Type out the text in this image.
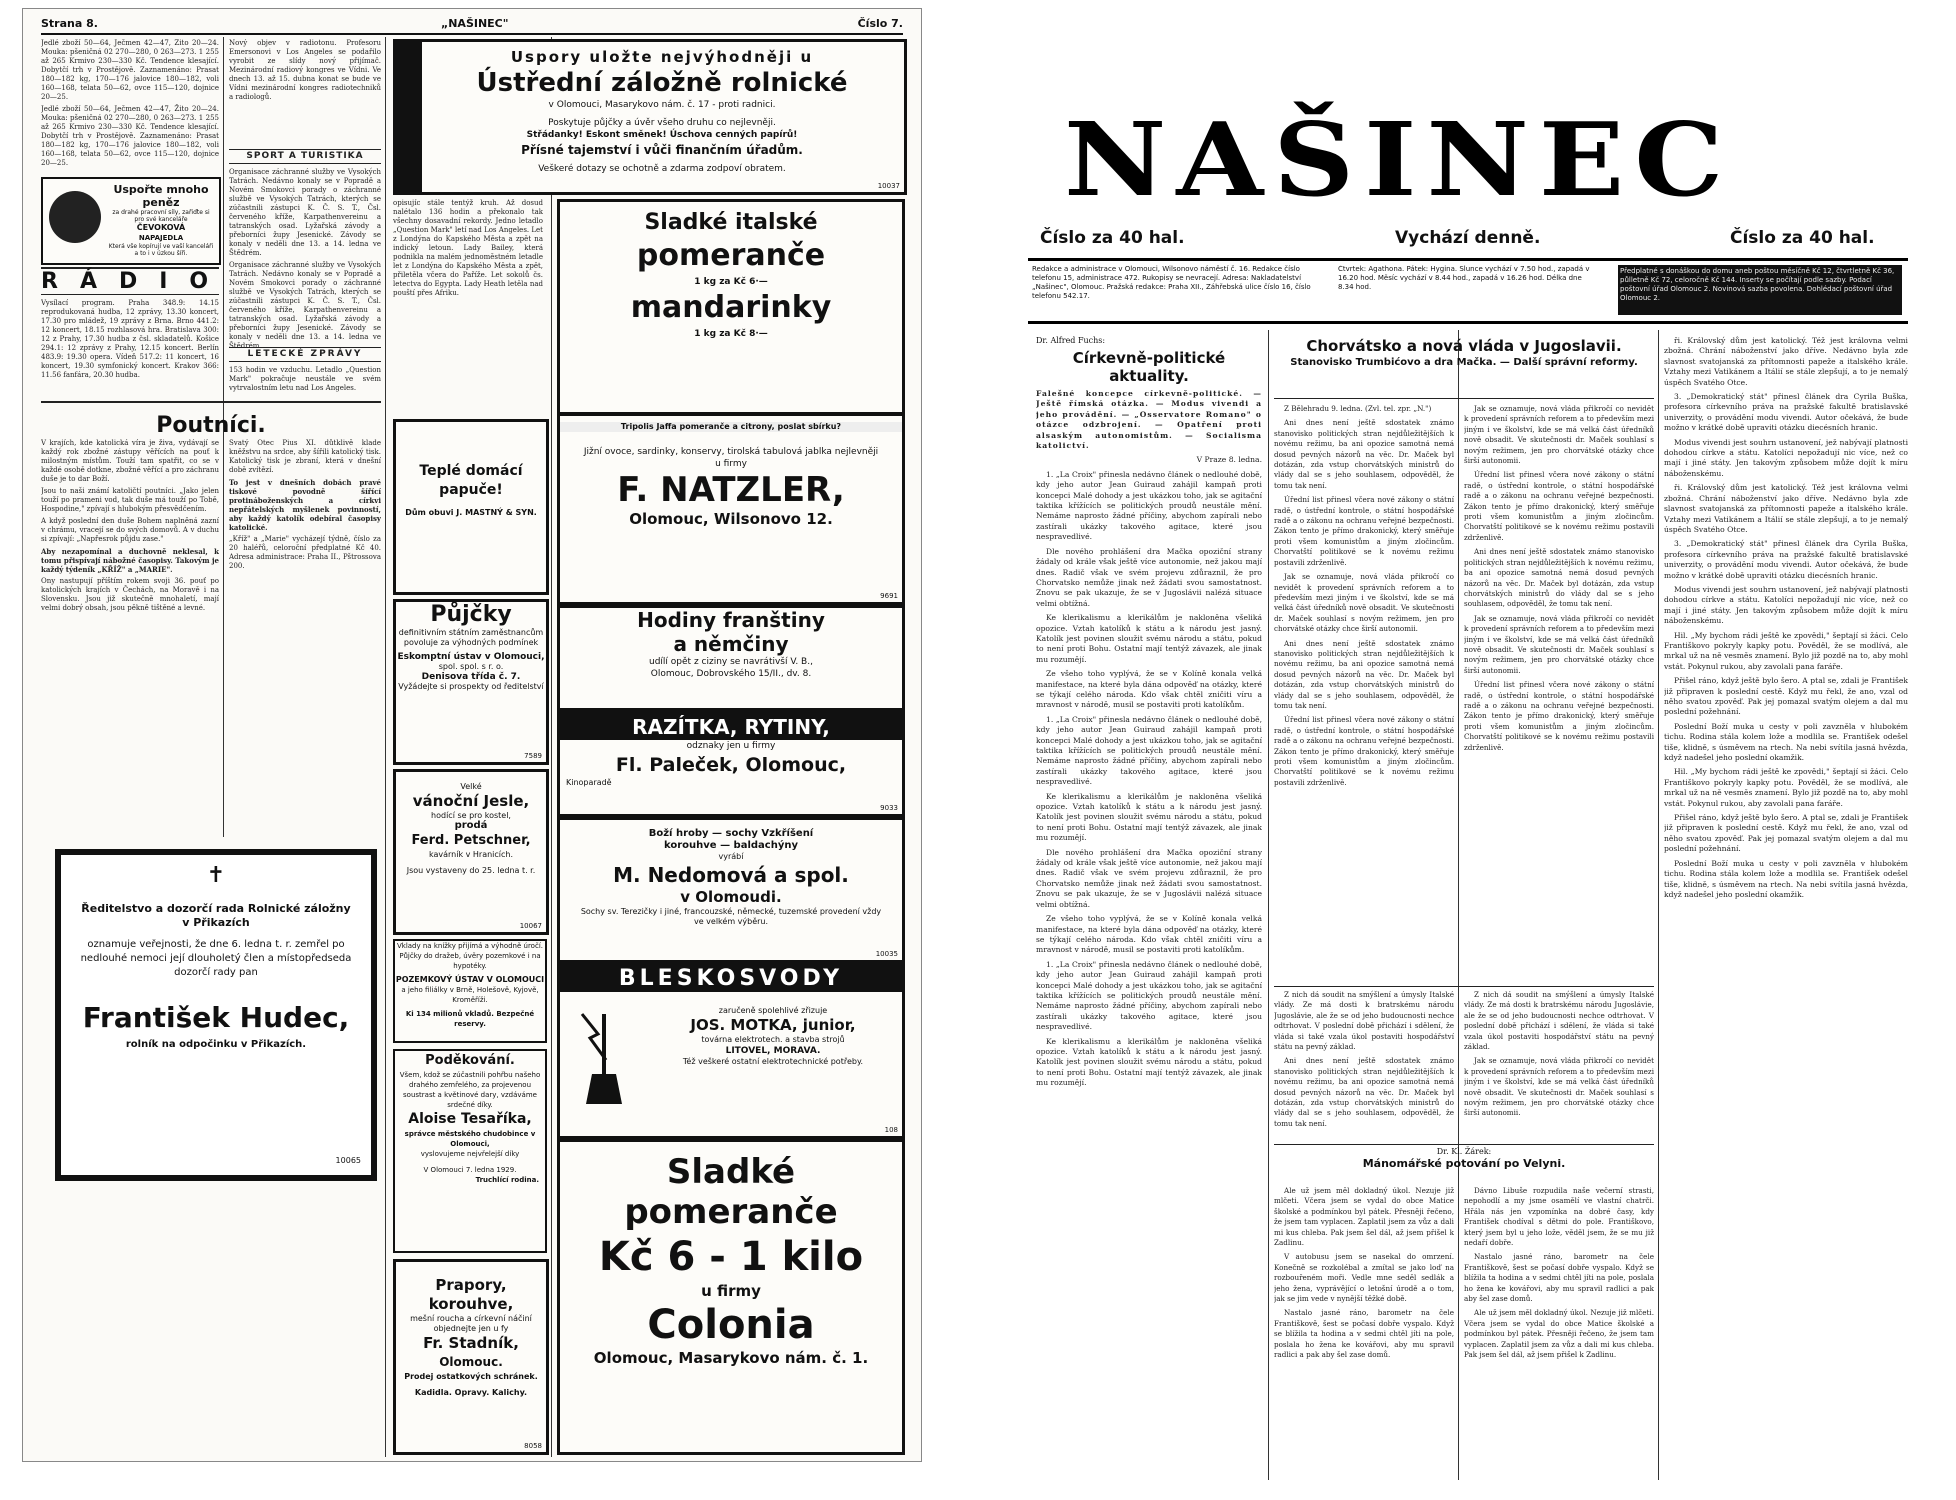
Strana 8.	„NAŠINEC"	Číslo 7.

Jedlé zboží 50—64, Ječmen 42—47, Žito 20—24. Mouka: pšeničná 02 270—280, 0 263—273. 1 255 až 265 Krmivo 230—330 Kč. Tendence klesající. Dobytčí trh v Prostějově. Zaznamenáno: Prasat 180—182 kg, 170—176 jalovice 180—182, voli 160—168, telata 50—62, ovce 115—120, dojnice 20—25.

Jedlé zboží 50—64, Ječmen 42—47, Žito 20—24. Mouka: pšeničná 02 270—280, 0 263—273. 1 255 až 265 Krmivo 230—330 Kč. Tendence klesající. Dobytčí trh v Prostějově. Zaznamenáno: Prasat 180—182 kg, 170—176 jalovice 180—182, voli 160—168, telata 50—62, ovce 115—120, dojnice 20—25.

Uspořte mnoho
peněz
za drahé pracovní síly, zařiďte si pro své kanceláře
ČEVOKOVÁ
NAPAJEDLA
Která vše kopírují ve vaší kanceláři a to i v úzkou šíři.
RÁDIO

Vysílací program. Praha 348.9: 14.15 reprodukovaná hudba, 12 zprávy, 13.30 koncert, 17.30 pro mládež, 19 zprávy z Brna. Brno 441.2: 12 koncert, 18.15 rozhlasová hra. Bratislava 300: 12 z Prahy, 17.30 hudba z čsl. skladatelů. Košice 294.1: 12 zprávy z Prahy, 12.15 koncert. Berlín 483.9: 19.30 opera. Vídeň 517.2: 11 koncert, 16 koncert, 19.30 symfonický koncert. Krakov 366: 11.56 fanfára, 20.30 hudba.

Nový objev v radiotonu. Profesoru Emersonovi v Los Angeles se podařilo vyrobit ze slídy nový přijímač. Mezinárodní radiový kongres ve Vídni. Ve dnech 13. až 15. dubna konat se bude ve Vídni mezinárodní kongres radiotechniků a radiologů.

SPORT A TURISTIKA

Organisace záchranné služby ve Vysokých Tatrách. Nedávno konaly se v Popradě a Novém Smokovci porady o záchranné službě ve Vysokých Tatrách, kterých se zúčastnili zástupci K. Č. S. T., Čsl. červeného kříže, Karpathenvereinu a tatranských osad. Lyžařská závody a přeborníci župy Jesenické. Závody se konaly v neděli dne 13. a 14. ledna ve Štědrém.

Organisace záchranné služby ve Vysokých Tatrách. Nedávno konaly se v Popradě a Novém Smokovci porady o záchranné službě ve Vysokých Tatrách, kterých se zúčastnili zástupci K. Č. S. T., Čsl. červeného kříže, Karpathenvereinu a tatranských osad. Lyžařská závody a přeborníci župy Jesenické. Závody se konaly v neděli dne 13. a 14. ledna ve Štědrém.

LETECKÉ ZPRÁVY

153 hodin ve vzduchu. Letadlo „Question Mark" pokračuje neustále ve svém vytrvalostním letu nad Los Angeles.

Poutníci.

V krajích, kde katolická víra je živa, vydávají se každý rok zbožné zástupy věřících na pouť k milostným místům. Touží tam spatřit, co se v každé osobě dotkne, zbožné věřící a pro záchranu duše je to dar Boží.

Jsou to naši známí katoličtí poutníci. „Jako jelen touží po prameni vod, tak duše má touží po Tobě, Hospodine," zpívají s hlubokým přesvědčením.

A když poslední den duše Bohem naplněná zazní v chrámu, vracejí se do svých domovů. A v duchu si zpívají: „Napřesrok půjdu zase."

Aby nezapomínal a duchovně neklesal, k tomu přispívají nábožné časopisy. Takovým je každý týdeník „KŘÍŽ" a „MARIE".

Ony nastupují příštím rokem svoji 36. pouť po katolických krajích v Čechách, na Moravě i na Slovensku. Jsou již skutečně mnohaletí, mají velmi dobrý obsah, jsou pěkně tištěné a levné.

Svatý Otec Pius XI. důtklivě klade kněžstvu na srdce, aby šířili katolický tisk. Katolický tisk je zbraní, která v dnešní době zvítězí.

To jest v dnešních dobách pravé tiskové povodně šířící protináboženských a církvi nepřátelských myšlenek povinností, aby každý katolík odebíral časopisy katolické.

„Kříž" a „Marie" vycházejí týdně, číslo za 20 haléřů, celoroční předplatné Kč 40. Adresa administrace: Praha II., Pštrossova 200.

✝
Ředitelstvo a dozorčí rada Rolnické záložny
v Přikazích
oznamuje veřejnosti, že dne 6. ledna t. r. zemřel po
nedlouhé nemoci její dlouholetý člen a místopředseda
dozorčí rady pan
František Hudec,
rolník na odpočinku v Přikazích.
10065
Uspory uložte nejvýhodněji u
Ústřední záložně rolnické
v Olomouci, Masarykovo nám. č. 17 - proti radnici.
Poskytuje půjčky a úvěr všeho druhu co nejlevněji.
Střádanky! Eskont směnek! Úschova cenných papírů!
Přísné tajemství i vůči finančním úřadům.
Veškeré dotazy se ochotně a zdarma zodpoví obratem.
10037

opisujíc stále tentýž kruh. Až dosud nalétalo 136 hodin a překonalo tak všechny dosavadní rekordy. Jedno letadlo „Question Mark" letí nad Los Angeles. Let z Londýna do Kapského Města a zpět na indický letoun. Lady Bailey, která podnikla na malém jednoměstném letadle let z Londýna do Kapského Města a zpět, přiletěla včera do Paříže. Let sokolů čs. letectva do Egypta. Lady Heath letěla nad pouští přes Afriku.

Teplé domácí papuče!
Dům obuvi J. MASTNÝ & SYN.
Půjčky
definitivním státním zaměstnancům povoluje za výhodných podmínek
Eskomptní ústav v Olomouci,
spol. spol. s r. o.
Denisova třída č. 7.
Vyžádejte si prospekty od ředitelství
7589
Velké
vánoční Jesle,
hodící se pro kostel,
prodá
Ferd. Petschner,
kavárník v Hranicích.
Jsou vystaveny do 25. ledna t. r.
10067
Vklady na knížky přijímá a výhodně úročí. Půjčky do dražeb, úvěry pozemkové i na hypotéky.
POZEMKOVÝ ÚSTAV V OLOMOUCI
a jeho filiálky v Brně, Holešově, Kyjově, Kroměříži.
Ki 134 milionů vkladů. Bezpečné reservy.
Poděkování.
Všem, kdož se zúčastnili pohřbu našeho drahého zemřelého, za projevenou soustrast a květinové dary, vzdáváme srdečné díky.
Aloise Tesaříka,
správce městského chudobince v Olomouci,
vyslovujeme nejvřelejší díky
V Olomouci 7. ledna 1929.
Truchlící rodina.
Prapory, korouhve,
mešní roucha a církevní náčiní
objednejte jen u fy
Fr. Stadník,
Olomouc.
Prodej ostatkových schránek.
Kadidla. Opravy. Kalichy.
8058
Sladké italské
pomeranče
1 kg za Kč 6·—
mandarinky
1 kg za Kč 8·—
Tripolis Jaffa pomeranče a citrony, poslat sbírku?
Jižní ovoce, sardinky, konservy, tirolská tabulová jablka nejlevněji u firmy
F. NATZLER,
Olomouc, Wilsonovo 12.
9691
Hodiny franštiny
a němčiny
udílí opět z ciziny se navrátivší V. B.,
Olomouc, Dobrovského 15/II., dv. 8.
RAZÍTKA, RYTINY,
odznaky jen u firmy
Fl. Paleček, Olomouc,
Kinoparadě
9033
Boží hroby — sochy Vzkříšení
korouhve — baldachýny
vyrábí
M. Nedomová a spol.
v Olomoudi.
Sochy sv. Terezičky i jiné, francouzské, německé, tuzemské provedení vždy ve velkém výběru.
10035
BLESKOSVODY
zaručeně spolehlivé zřizuje
JOS. MOTKA, junior,
továrna elektrotech. a stavba strojů
LITOVEL, MORAVA.
Též veškeré ostatní elektrotechnické potřeby.
108
Sladké
pomeranče
Kč 6 - 1 kilo
u firmy
Colonia
Olomouc, Masarykovo nám. č. 1.
NAŠINEC
Číslo za 40 hal.	Vychází denně.	Číslo za 40 hal.
Redakce a administrace v Olomouci, Wilsonovo náměstí č. 16. Redakce číslo telefonu 15, administrace 472. Rukopisy se nevracejí. Adresa: Nakladatelství „Našinec", Olomouc. Pražská redakce: Praha XII., Záhřebská ulice číslo 16, číslo telefonu 542.17.
Čtvrtek: Agathona. Pátek: Hygina. Slunce vychází v 7.50 hod., zapadá v 16.20 hod. Měsíc vychází v 8.44 hod., zapadá v 16.26 hod. Délka dne 8.34 hod.
Předplatné s donáškou do domu aneb poštou měsíčně Kč 12, čtvrtletně Kč 36, půlletně Kč 72, celoročně Kč 144. Inserty se počítají podle sazby. Podací poštovní úřad Olomouc 2. Novinová sazba povolena. Dohlédací poštovní úřad Olomouc 2.
Dr. Alfred Fuchs:
Církevně-politické aktuality.
Falešné koncepce církevně-politické. — Ještě římská otázka. — Modus vivendi a jeho provádění. — „Osservatore Romano" o otázce odzbrojení. — Opatření proti alsaským autonomistům. — Socialisma katolictví.
V Praze 8. ledna.

1. „La Croix" přinesla nedávno článek o nedlouhé době, kdy jeho autor Jean Guiraud zahájil kampaň proti koncepci Malé dohody a jest ukázkou toho, jak se agitační taktika křížících se politických proudů neustále mění. Nemáme naprosto žádné příčiny, abychom zapírali nebo zastírali ukázky takového agitace, které jsou nespravedlivé.

Dle nového prohlášení dra Mačka opoziční strany žádaly od krále však ještě více autonomie, než jakou mají dnes. Radič však ve svém projevu zdůraznil, že pro Chorvatsko nemůže jinak než žádati svou samostatnost. Znovu se pak ukazuje, že se v Jugoslávii nalézá situace velmi obtížná.

Ke klerikalismu a klerikálům je nakloněna všeliká opozice. Vztah katolíků k státu a k národu jest jasný. Katolík jest povinen sloužit svému národu a státu, pokud to není proti Bohu. Ostatní mají tentýž závazek, ale jinak mu rozumějí.

Ze všeho toho vyplývá, že se v Kolíně konala velká manifestace, na které byla dána odpověď na otázky, které se týkají celého národa. Kdo však chtěl zničiti víru a mravnost v národě, musil se postaviti proti katolíkům.

1. „La Croix" přinesla nedávno článek o nedlouhé době, kdy jeho autor Jean Guiraud zahájil kampaň proti koncepci Malé dohody a jest ukázkou toho, jak se agitační taktika křížících se politických proudů neustále mění. Nemáme naprosto žádné příčiny, abychom zapírali nebo zastírali ukázky takového agitace, které jsou nespravedlivé.

Ke klerikalismu a klerikálům je nakloněna všeliká opozice. Vztah katolíků k státu a k národu jest jasný. Katolík jest povinen sloužit svému národu a státu, pokud to není proti Bohu. Ostatní mají tentýž závazek, ale jinak mu rozumějí.

Dle nového prohlášení dra Mačka opoziční strany žádaly od krále však ještě více autonomie, než jakou mají dnes. Radič však ve svém projevu zdůraznil, že pro Chorvatsko nemůže jinak než žádati svou samostatnost. Znovu se pak ukazuje, že se v Jugoslávii nalézá situace velmi obtížná.

Ze všeho toho vyplývá, že se v Kolíně konala velká manifestace, na které byla dána odpověď na otázky, které se týkají celého národa. Kdo však chtěl zničiti víru a mravnost v národě, musil se postaviti proti katolíkům.

1. „La Croix" přinesla nedávno článek o nedlouhé době, kdy jeho autor Jean Guiraud zahájil kampaň proti koncepci Malé dohody a jest ukázkou toho, jak se agitační taktika křížících se politických proudů neustále mění. Nemáme naprosto žádné příčiny, abychom zapírali nebo zastírali ukázky takového agitace, které jsou nespravedlivé.

Ke klerikalismu a klerikálům je nakloněna všeliká opozice. Vztah katolíků k státu a k národu jest jasný. Katolík jest povinen sloužit svému národu a státu, pokud to není proti Bohu. Ostatní mají tentýž závazek, ale jinak mu rozumějí.

Chorvátsko a nová vláda v Jugoslavii.
Stanovisko Trumbićovo a dra Mačka. — Další správní reformy.

Z Bělehradu 9. ledna. (Zvl. tel. zpr. „N.")

Ani dnes není ještě sdostatek známo stanovisko politických stran nejdůležitějších k novému režimu, ba ani opozice samotná nemá dosud pevných názorů na věc. Dr. Maček byl dotázán, zda vstup chorvátských ministrů do vlády dal se s jeho souhlasem, odpověděl, že tomu tak není.

Úřední list přinesl včera nové zákony o státní radě, o ústřední kontrole, o státní hospodářské radě a o zákonu na ochranu veřejné bezpečnosti. Zákon tento je přímo drakonický, který směřuje proti všem komunistům a jiným zločincům. Chorvatští politikové se k novému režimu postavili zdrženlivě.

Jak se oznamuje, nová vláda přikročí co nevidět k provedení správních reforem a to především mezi jiným i ve školství, kde se má velká část úředníků nově obsadit. Ve skutečnosti dr. Maček souhlasí s novým režimem, jen pro chorvátské otázky chce širší autonomii.

Ani dnes není ještě sdostatek známo stanovisko politických stran nejdůležitějších k novému režimu, ba ani opozice samotná nemá dosud pevných názorů na věc. Dr. Maček byl dotázán, zda vstup chorvátských ministrů do vlády dal se s jeho souhlasem, odpověděl, že tomu tak není.

Úřední list přinesl včera nové zákony o státní radě, o ústřední kontrole, o státní hospodářské radě a o zákonu na ochranu veřejné bezpečnosti. Zákon tento je přímo drakonický, který směřuje proti všem komunistům a jiným zločincům. Chorvatští politikové se k novému režimu postavili zdrženlivě.

Jak se oznamuje, nová vláda přikročí co nevidět k provedení správních reforem a to především mezi jiným i ve školství, kde se má velká část úředníků nově obsadit. Ve skutečnosti dr. Maček souhlasí s novým režimem, jen pro chorvátské otázky chce širší autonomii.

Úřední list přinesl včera nové zákony o státní radě, o ústřední kontrole, o státní hospodářské radě a o zákonu na ochranu veřejné bezpečnosti. Zákon tento je přímo drakonický, který směřuje proti všem komunistům a jiným zločincům. Chorvatští politikové se k novému režimu postavili zdrženlivě.

Ani dnes není ještě sdostatek známo stanovisko politických stran nejdůležitějších k novému režimu, ba ani opozice samotná nemá dosud pevných názorů na věc. Dr. Maček byl dotázán, zda vstup chorvátských ministrů do vlády dal se s jeho souhlasem, odpověděl, že tomu tak není.

Jak se oznamuje, nová vláda přikročí co nevidět k provedení správních reforem a to především mezi jiným i ve školství, kde se má velká část úředníků nově obsadit. Ve skutečnosti dr. Maček souhlasí s novým režimem, jen pro chorvátské otázky chce širší autonomii.

Úřední list přinesl včera nové zákony o státní radě, o ústřední kontrole, o státní hospodářské radě a o zákonu na ochranu veřejné bezpečnosti. Zákon tento je přímo drakonický, který směřuje proti všem komunistům a jiným zločincům. Chorvatští politikové se k novému režimu postavili zdrženlivě.

Z nich dá soudit na smýšlení a úmysly Italské vlády. Ze má dosti k bratrskému národu Jugoslávie, ale že se od jeho budoucnosti nechce odtrhovat. V poslední době přichází i sdělení, že vláda si také vzala úkol postaviti hospodářství státu na pevný základ.

Ani dnes není ještě sdostatek známo stanovisko politických stran nejdůležitějších k novému režimu, ba ani opozice samotná nemá dosud pevných názorů na věc. Dr. Maček byl dotázán, zda vstup chorvátských ministrů do vlády dal se s jeho souhlasem, odpověděl, že tomu tak není.

Z nich dá soudit na smýšlení a úmysly Italské vlády. Ze má dosti k bratrskému národu Jugoslávie, ale že se od jeho budoucnosti nechce odtrhovat. V poslední době přichází i sdělení, že vláda si také vzala úkol postaviti hospodářství státu na pevný základ.

Jak se oznamuje, nová vláda přikročí co nevidět k provedení správních reforem a to především mezi jiným i ve školství, kde se má velká část úředníků nově obsadit. Ve skutečnosti dr. Maček souhlasí s novým režimem, jen pro chorvátské otázky chce širší autonomii.

Dr. Kl. Žárek:
Mánomářské potování po Velyni.

Ale už jsem měl dokladný úkol. Nezuje již mlčeti. Včera jsem se vydal do obce Matice školské a podmínkou byl pátek. Přesněji řečeno, že jsem tam vyplacen. Zaplatil jsem za vůz a dali mi kus chleba. Pak jsem šel dál, až jsem přišel k Zadlinu.

V autobusu jsem se nasekal do omrzení. Konečně se rozkolébal a zmítal se jako loď na rozbouřeném moři. Vedle mne seděl sedlák a jeho žena, vyprávějící o letošní úrodě a o tom, jak se jim vede v nynější těžké době.

Nastalo jasné ráno, barometr na čele Františkově, šest se počasí dobře vyspalo. Když se blížila ta hodina a v sedmi chtěl jíti na pole, poslala ho žena ke kovářovi, aby mu spravil radlici a pak aby šel zase domů.

Dávno Libuše rozpudila naše večerní strasti, nepohodlí a my jsme osamělí ve vlastní chatrči. Hřála nás jen vzpomínka na dobré časy, kdy František chodíval s dětmi do pole. Františkovo, který jsem byl u jeho lože, věděl jsem, že se mu již nedaří dobře.

Nastalo jasné ráno, barometr na čele Františkově, šest se počasí dobře vyspalo. Když se blížila ta hodina a v sedmi chtěl jíti na pole, poslala ho žena ke kovářovi, aby mu spravil radlici a pak aby šel zase domů.

Ale už jsem měl dokladný úkol. Nezuje již mlčeti. Včera jsem se vydal do obce Matice školské a podmínkou byl pátek. Přesněji řečeno, že jsem tam vyplacen. Zaplatil jsem za vůz a dali mi kus chleba. Pak jsem šel dál, až jsem přišel k Zadlinu.

ři. Královský dům jest katolický. Též jest královna velmi zbožná. Chrání náboženství jako dříve. Nedávno byla zde slavnost svatojanská za přítomnosti papeže a italského krále. Vztahy mezi Vatikánem a Itálií se stále zlepšují, a to je nemalý úspěch Svatého Otce.

3. „Demokratický stát" přinesl článek dra Cyrila Buška, profesora církevního práva na pražské fakultě bratislavské univerzity, o provádění modu vivendi. Autor očekává, že bude možno v krátké době upraviti otázku diecésních hranic.

Modus vivendi jest souhrn ustanovení, jež nabývají platnosti dohodou církve a státu. Katolíci nepožadují nic více, než co mají i jiné státy. Jen takovým způsobem může dojít k míru náboženskému.

ři. Královský dům jest katolický. Též jest královna velmi zbožná. Chrání náboženství jako dříve. Nedávno byla zde slavnost svatojanská za přítomnosti papeže a italského krále. Vztahy mezi Vatikánem a Itálií se stále zlepšují, a to je nemalý úspěch Svatého Otce.

3. „Demokratický stát" přinesl článek dra Cyrila Buška, profesora církevního práva na pražské fakultě bratislavské univerzity, o provádění modu vivendi. Autor očekává, že bude možno v krátké době upraviti otázku diecésních hranic.

Modus vivendi jest souhrn ustanovení, jež nabývají platnosti dohodou církve a státu. Katolíci nepožadují nic více, než co mají i jiné státy. Jen takovým způsobem může dojít k míru náboženskému.

Hil. „My bychom rádi ještě ke zpovědi," šeptají si žáci. Celo Františkovo pokryly kapky potu. Pověděl, že se modlívá, ale mrkal už na ně vesměs znamení. Bylo již pozdě na to, aby mohl vstát. Pokynul rukou, aby zavolali pana faráře.

Přišel ráno, když ještě bylo šero. A ptal se, zdali je František již připraven k poslední cestě. Když mu řekl, že ano, vzal od něho svatou zpověď. Pak jej pomazal svatým olejem a dal mu poslední požehnání.

Poslední Boží muka u cesty v poli zavzněla v hlubokém tichu. Rodina stála kolem lože a modlila se. František odešel tiše, klidně, s úsměvem na rtech. Na nebi svítila jasná hvězda, když nadešel jeho poslední okamžik.

Hil. „My bychom rádi ještě ke zpovědi," šeptají si žáci. Celo Františkovo pokryly kapky potu. Pověděl, že se modlívá, ale mrkal už na ně vesměs znamení. Bylo již pozdě na to, aby mohl vstát. Pokynul rukou, aby zavolali pana faráře.

Přišel ráno, když ještě bylo šero. A ptal se, zdali je František již připraven k poslední cestě. Když mu řekl, že ano, vzal od něho svatou zpověď. Pak jej pomazal svatým olejem a dal mu poslední požehnání.

Poslední Boží muka u cesty v poli zavzněla v hlubokém tichu. Rodina stála kolem lože a modlila se. František odešel tiše, klidně, s úsměvem na rtech. Na nebi svítila jasná hvězda, když nadešel jeho poslední okamžik.
